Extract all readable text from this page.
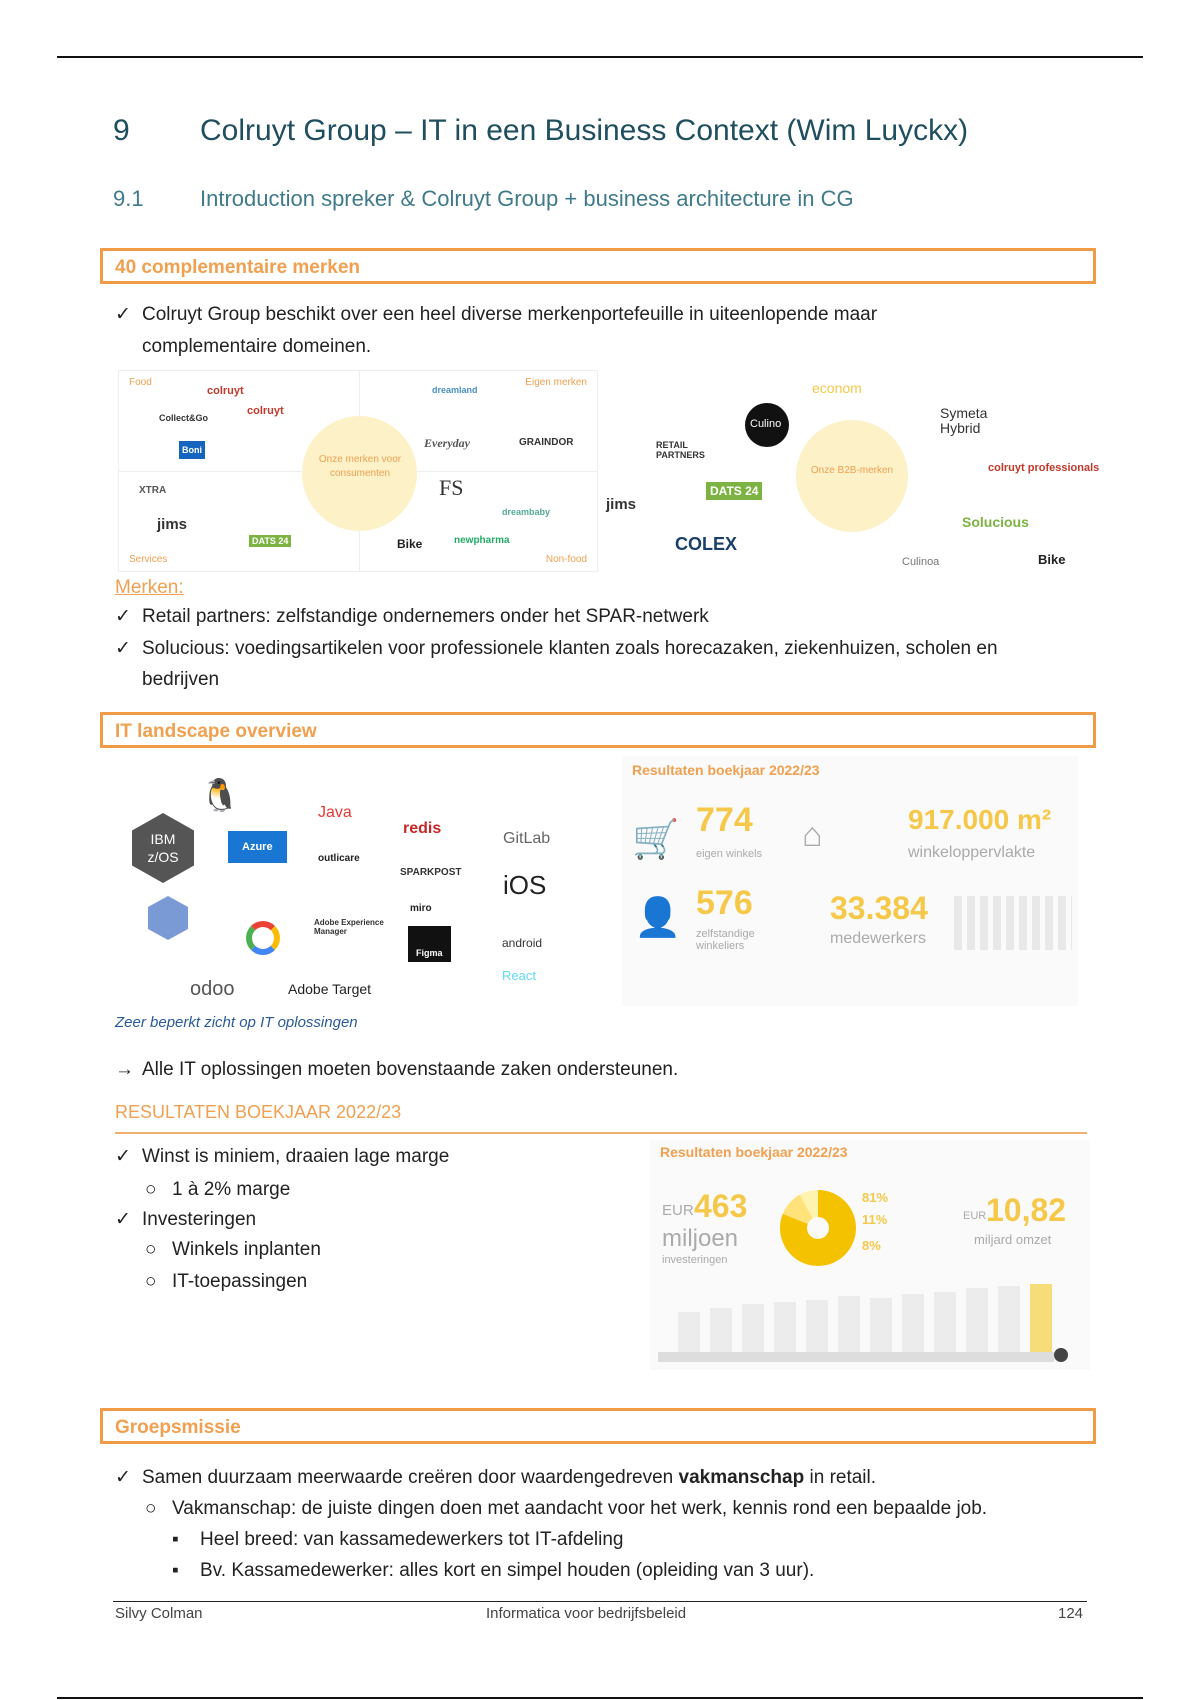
9 Colruyt Group – IT in een Business Context (Wim Luyckx)
9.1	Introduction spreker & Colruyt Group + business architecture in CG
40 complementaire merken
✓ Colruyt Group beschikt over een heel diverse merkenportefeuille in uiteenlopende maar
complementaire domeinen.
Food	Eigen merken
Services	Non-food
Onze merken voor consumenten
colruyt
colruyt
Collect&Go
XTRA
jims
DATS 24
Boni
dreamland
Everyday	GRAINDOR
FS
dreambaby
newpharma
Bike
Onze B2B-merken
Culino
RETAIL PARTNERS
DATS 24
jims
COLEX
econom
Symeta Hybrid
colruyt professionals
Solucious
Culinoa	Bike
Merken:
✓ Retail partners: zelfstandige ondernemers onder het SPAR-netwerk
✓ Solucious: voedingsartikelen voor professionele klanten zoals horecazaken, ziekenhuizen, scholen en
bedrijven
IT landscape overview
IBM z/OS
🐧
Azure
Java
outlicare
redis
SPARKPOST
GitLab
iOS
miro
Figma
android
React
Adobe Experience Manager
odoo	Adobe Target
Resultaten boekjaar 2022/23
🛒 774
eigen winkels ⌂	917.000 m²
winkeloppervlakte
👤 576
zelfstandige winkeliers
33.384
medewerkers
Zeer beperkt zicht op IT oplossingen
→ Alle IT oplossingen moeten bovenstaande zaken ondersteunen.
RESULTATEN BOEKJAAR 2022/23
✓ Winst is miniem, draaien lage marge
○ 1 à 2% marge
✓ Investeringen
○ Winkels inplanten
○ IT-toepassingen
Resultaten boekjaar 2022/23
EUR 463
miljoen
investeringen
81%
11%
8%
EUR 10,82
miljard omzet
Groepsmissie
✓ Samen duurzaam meerwaarde creëren door waardengedreven vakmanschap in retail.
○ Vakmanschap: de juiste dingen doen met aandacht voor het werk, kennis rond een bepaalde job.
▪ Heel breed: van kassamedewerkers tot IT-afdeling
▪ Bv. Kassamedewerker: alles kort en simpel houden (opleiding van 3 uur).
Silvy Colman	Informatica voor bedrijfsbeleid	124
